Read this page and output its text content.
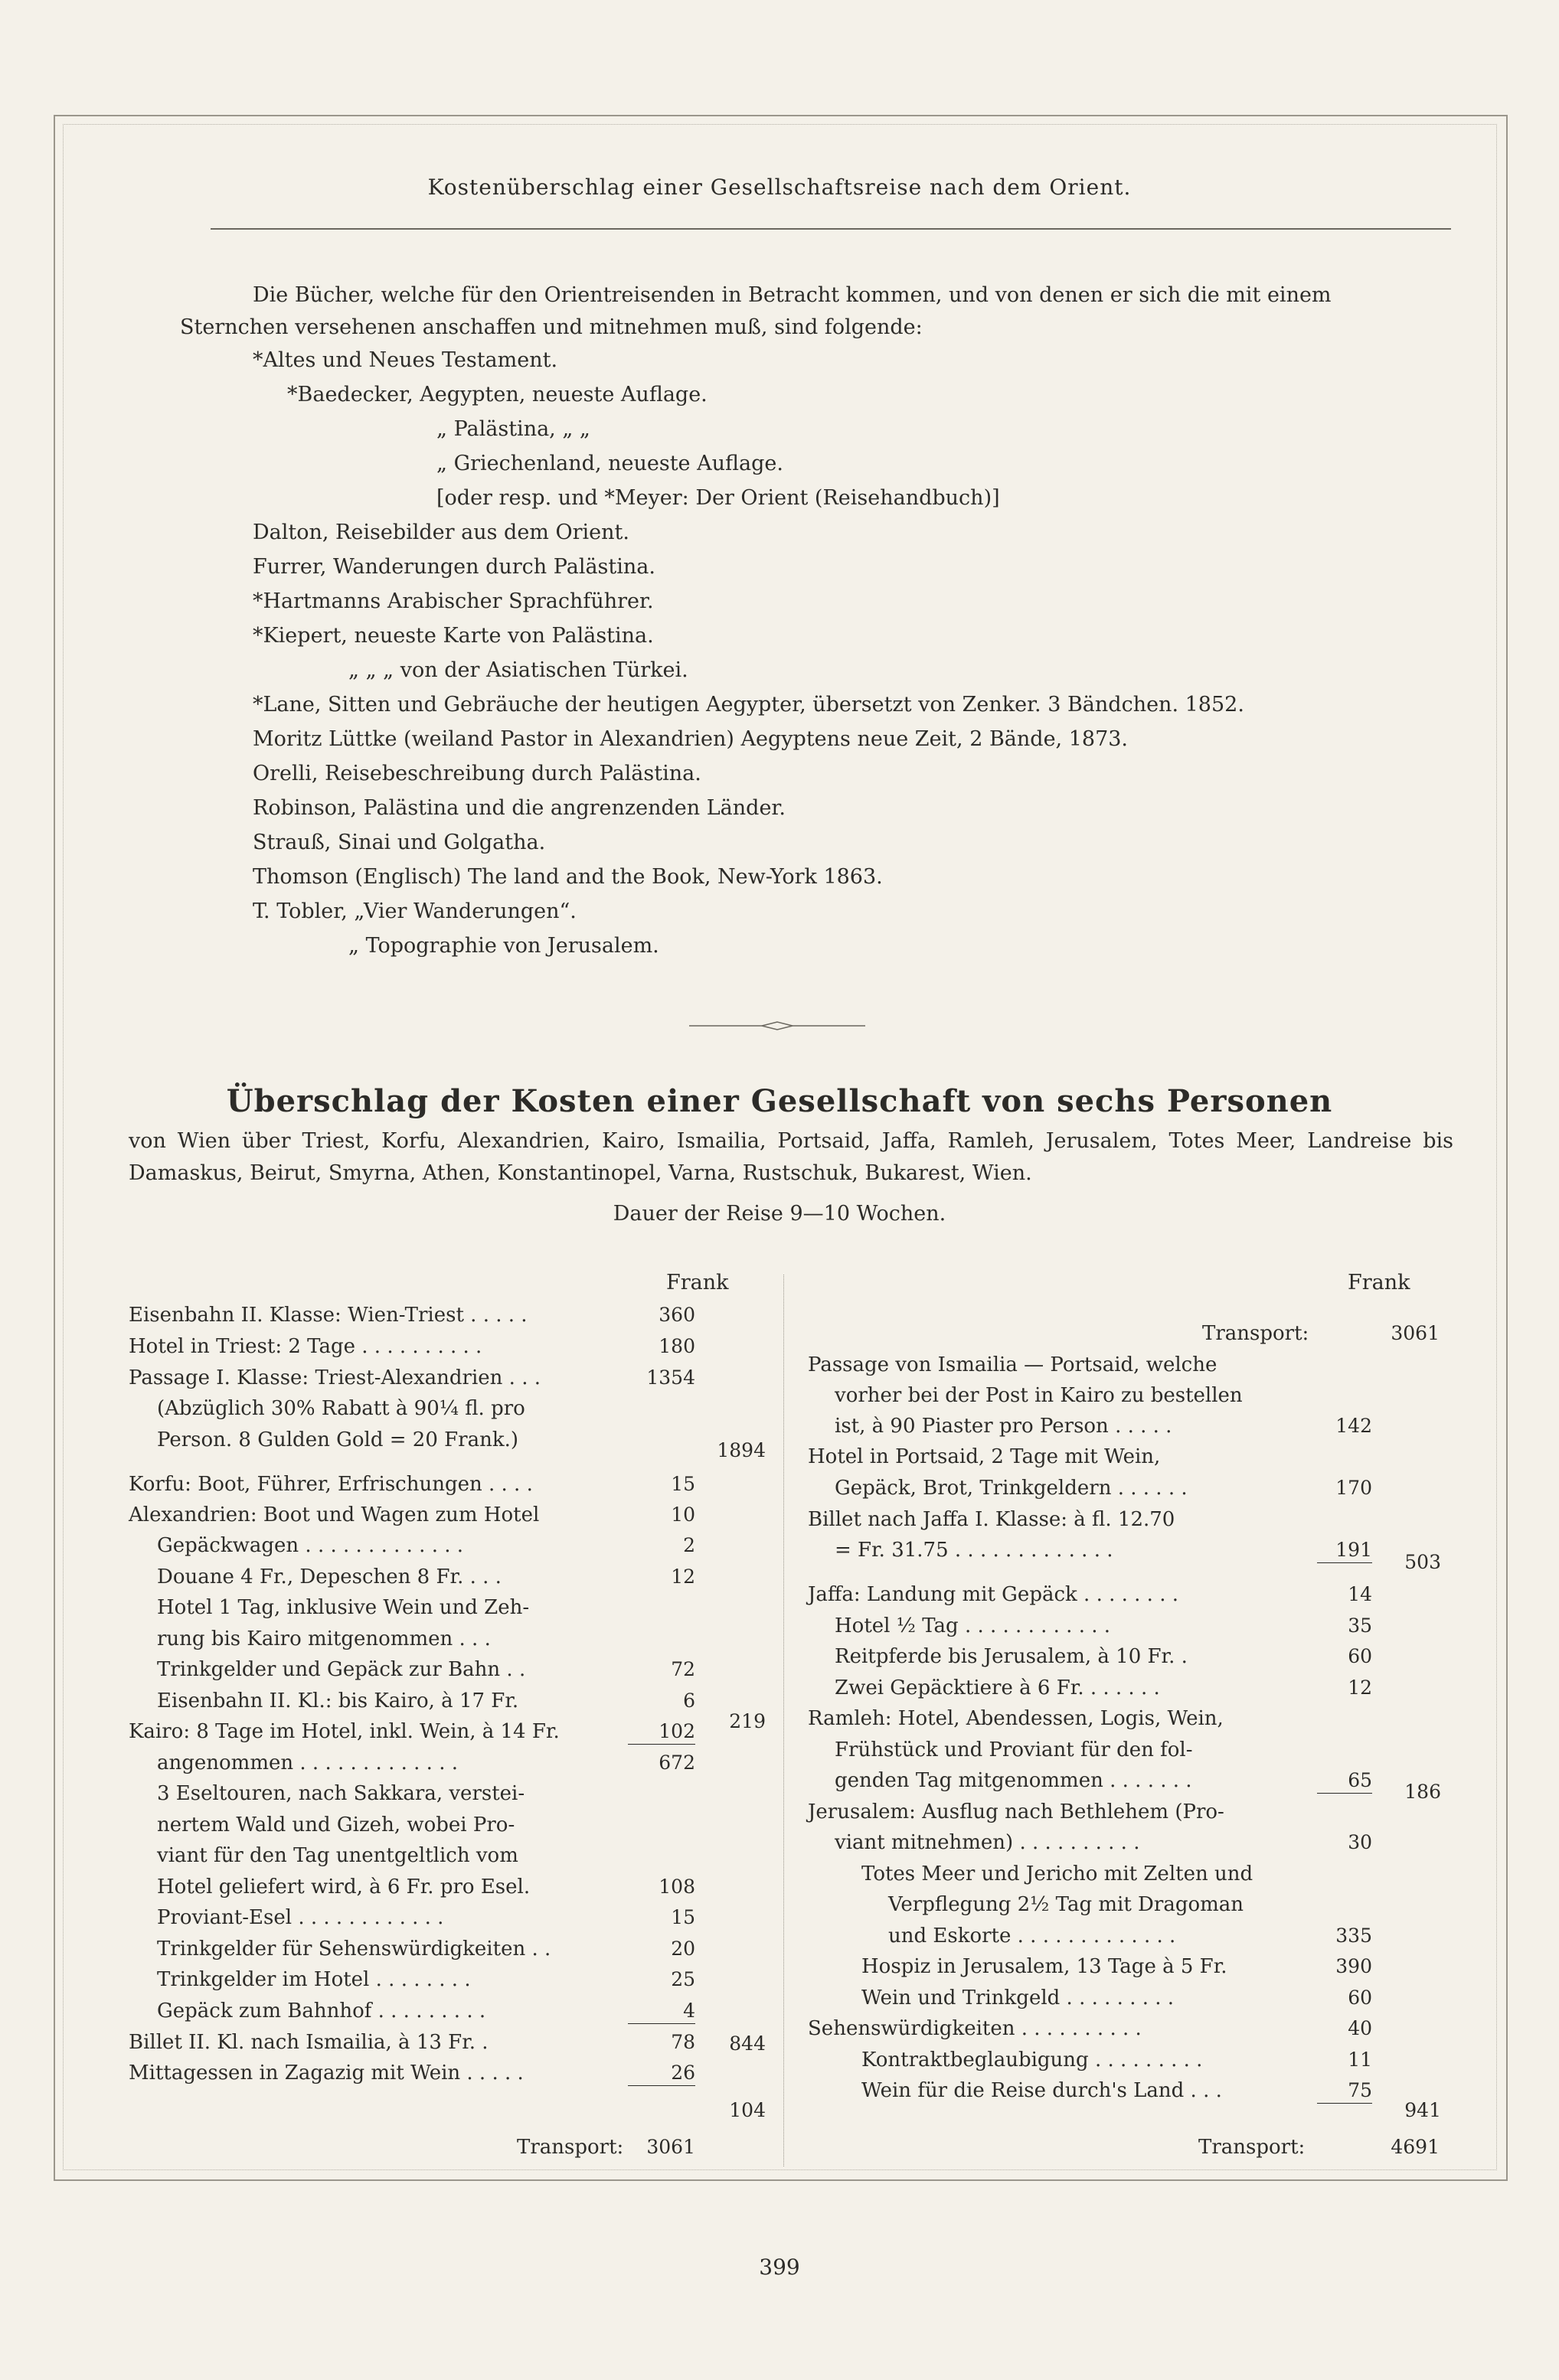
Kostenüberschlag einer Gesellschaftsreise nach dem Orient.
Die Bücher, welche für den Orientreisenden in Betracht kommen, und von denen er sich die mit einem
Sternchen versehenen anschaffen und mitnehmen muß, sind folgende:
*Altes und Neues Testament.
*Baedecker, Aegypten, neueste Auflage.
„ Palästina, „ „
„ Griechenland, neueste Auflage.
[oder resp. und *Meyer: Der Orient (Reisehandbuch)]
Dalton, Reisebilder aus dem Orient.
Furrer, Wanderungen durch Palästina.
*Hartmanns Arabischer Sprachführer.
*Kiepert, neueste Karte von Palästina.
„ „ „ von der Asiatischen Türkei.
*Lane, Sitten und Gebräuche der heutigen Aegypter, übersetzt von Zenker. 3 Bändchen. 1852.
Moritz Lüttke (weiland Pastor in Alexandrien) Aegyptens neue Zeit, 2 Bände, 1873.
Orelli, Reisebeschreibung durch Palästina.
Robinson, Palästina und die angrenzenden Länder.
Strauß, Sinai und Golgatha.
Thomson (Englisch) The land and the Book, New-York 1863.
T. Tobler, „Vier Wanderungen“.
„ Topographie von Jerusalem.
Überschlag der Kosten einer Gesellschaft von sechs Personen
von Wien über Triest, Korfu, Alexandrien, Kairo, Ismailia, Portsaid, Jaffa, Ramleh, Jerusalem, Totes Meer, Landreise bis Damaskus, Beirut, Smyrna, Athen, Konstantinopel, Varna, Rustschuk, Bukarest, Wien.
Dauer der Reise 9—10 Wochen.
Frank	Frank
Eisenbahn II. Klasse: Wien-Triest . . . . .
Hotel in Triest: 2 Tage . . . . . . . . . .
Passage I. Klasse: Triest-Alexandrien . . .
(Abzüglich 30% Rabatt à 90¼ fl. pro
Person. 8 Gulden Gold = 20 Frank.)
Korfu: Boot, Führer, Erfrischungen . . . .
Alexandrien: Boot und Wagen zum Hotel
Gepäckwagen . . . . . . . . . . . . .
Douane 4 Fr., Depeschen 8 Fr. . . .
Hotel 1 Tag, inklusive Wein und Zeh-
rung bis Kairo mitgenommen . . .
Trinkgelder und Gepäck zur Bahn . .
Eisenbahn II. Kl.: bis Kairo, à 17 Fr.
Kairo: 8 Tage im Hotel, inkl. Wein, à 14 Fr.
angenommen . . . . . . . . . . . . .
3 Eseltouren, nach Sakkara, verstei-
nertem Wald und Gizeh, wobei Pro-
viant für den Tag unentgeltlich vom
Hotel geliefert wird, à 6 Fr. pro Esel.
Proviant-Esel . . . . . . . . . . . .
Trinkgelder für Sehenswürdigkeiten . .
Trinkgelder im Hotel . . . . . . . .
Gepäck zum Bahnhof . . . . . . . . .
Billet II. Kl. nach Ismailia, à 13 Fr. .
Mittagessen in Zagazig mit Wein . . . . .
Transport:
360
180
1354
15
10
2
12
72
6
102
672
108
15
20
25
4
78
26
1894
219
844
104
3061
Transport:
Passage von Ismailia — Portsaid, welche
vorher bei der Post in Kairo zu bestellen
ist, à 90 Piaster pro Person . . . . .
Hotel in Portsaid, 2 Tage mit Wein,
Gepäck, Brot, Trinkgeldern . . . . . .
Billet nach Jaffa I. Klasse: à fl. 12.70
= Fr. 31.75 . . . . . . . . . . . . .
Jaffa: Landung mit Gepäck . . . . . . . .
Hotel ½ Tag . . . . . . . . . . . .
Reitpferde bis Jerusalem, à 10 Fr. .
Zwei Gepäcktiere à 6 Fr. . . . . . .
Ramleh: Hotel, Abendessen, Logis, Wein,
Frühstück und Proviant für den fol-
genden Tag mitgenommen . . . . . . .
Jerusalem: Ausflug nach Bethlehem (Pro-
viant mitnehmen) . . . . . . . . . .
Totes Meer und Jericho mit Zelten und
Verpflegung 2½ Tag mit Dragoman
und Eskorte . . . . . . . . . . . . .
Hospiz in Jerusalem, 13 Tage à 5 Fr.
Wein und Trinkgeld . . . . . . . . .
Sehenswürdigkeiten . . . . . . . . . .
Kontraktbeglaubigung . . . . . . . . .
Wein für die Reise durch's Land . . .
Transport:
3061
142
170
191
14
35
60
12
65
30
335
390
60
40
11
75
503
186
941
4691
399
